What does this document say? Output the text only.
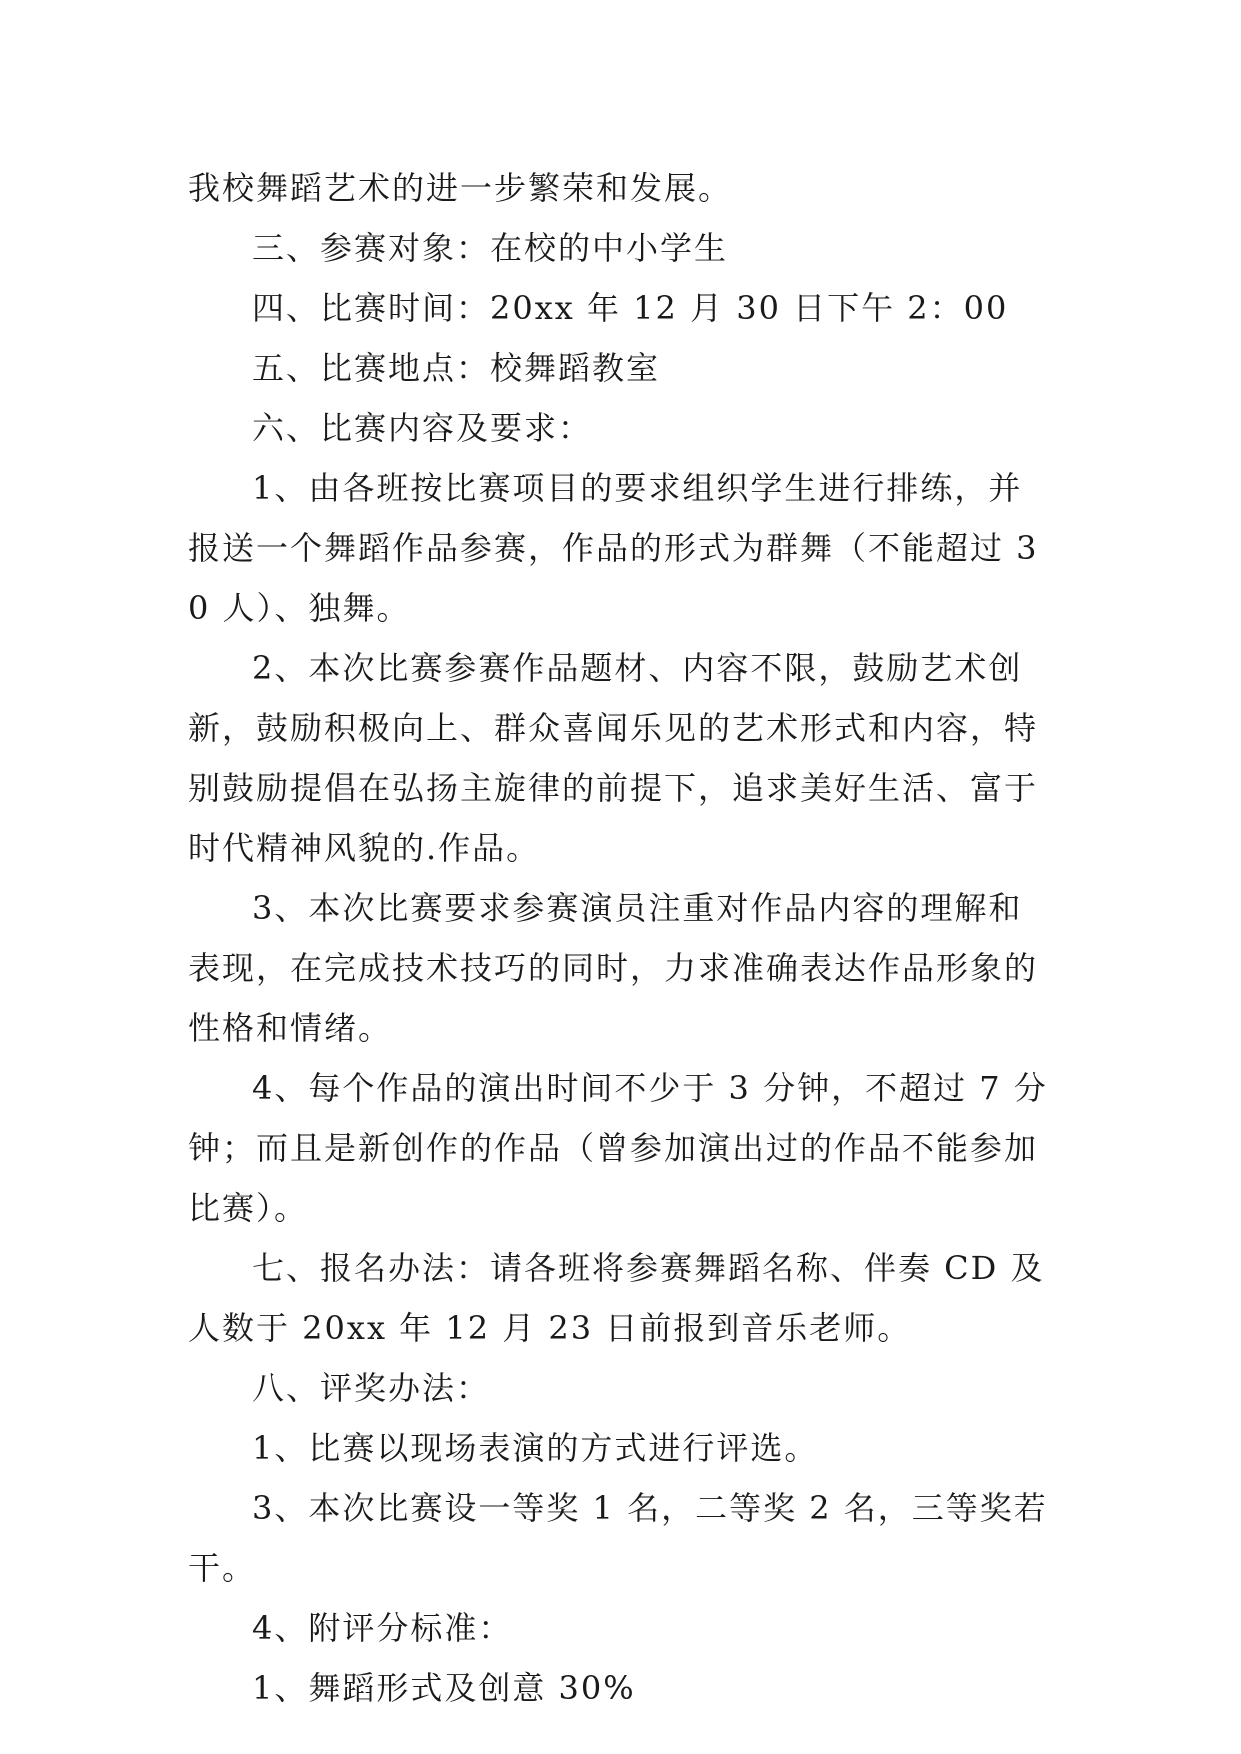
我校舞蹈艺术的进一步繁荣和发展。

三、参赛对象：在校的中小学生

四、比赛时间：20xx 年 12 月 30 日下午 2：00

五、比赛地点：校舞蹈教室

六、比赛内容及要求：

1、由各班按比赛项目的要求组织学生进行排练，并报送一个舞蹈作品参赛，作品的形式为群舞（不能超过 30 人）、独舞。

2、本次比赛参赛作品题材、内容不限，鼓励艺术创新，鼓励积极向上、群众喜闻乐见的艺术形式和内容，特别鼓励提倡在弘扬主旋律的前提下，追求美好生活、富于时代精神风貌的.作品。

3、本次比赛要求参赛演员注重对作品内容的理解和表现，在完成技术技巧的同时，力求准确表达作品形象的性格和情绪。

4、每个作品的演出时间不少于 3 分钟，不超过 7 分钟；而且是新创作的作品（曾参加演出过的作品不能参加比赛）。

七、报名办法：请各班将参赛舞蹈名称、伴奏 CD 及人数于 20xx 年 12 月 23 日前报到音乐老师。

八、评奖办法：

1、比赛以现场表演的方式进行评选。

3、本次比赛设一等奖 1 名，二等奖 2 名，三等奖若干。

4、附评分标准：

1、舞蹈形式及创意 30%
